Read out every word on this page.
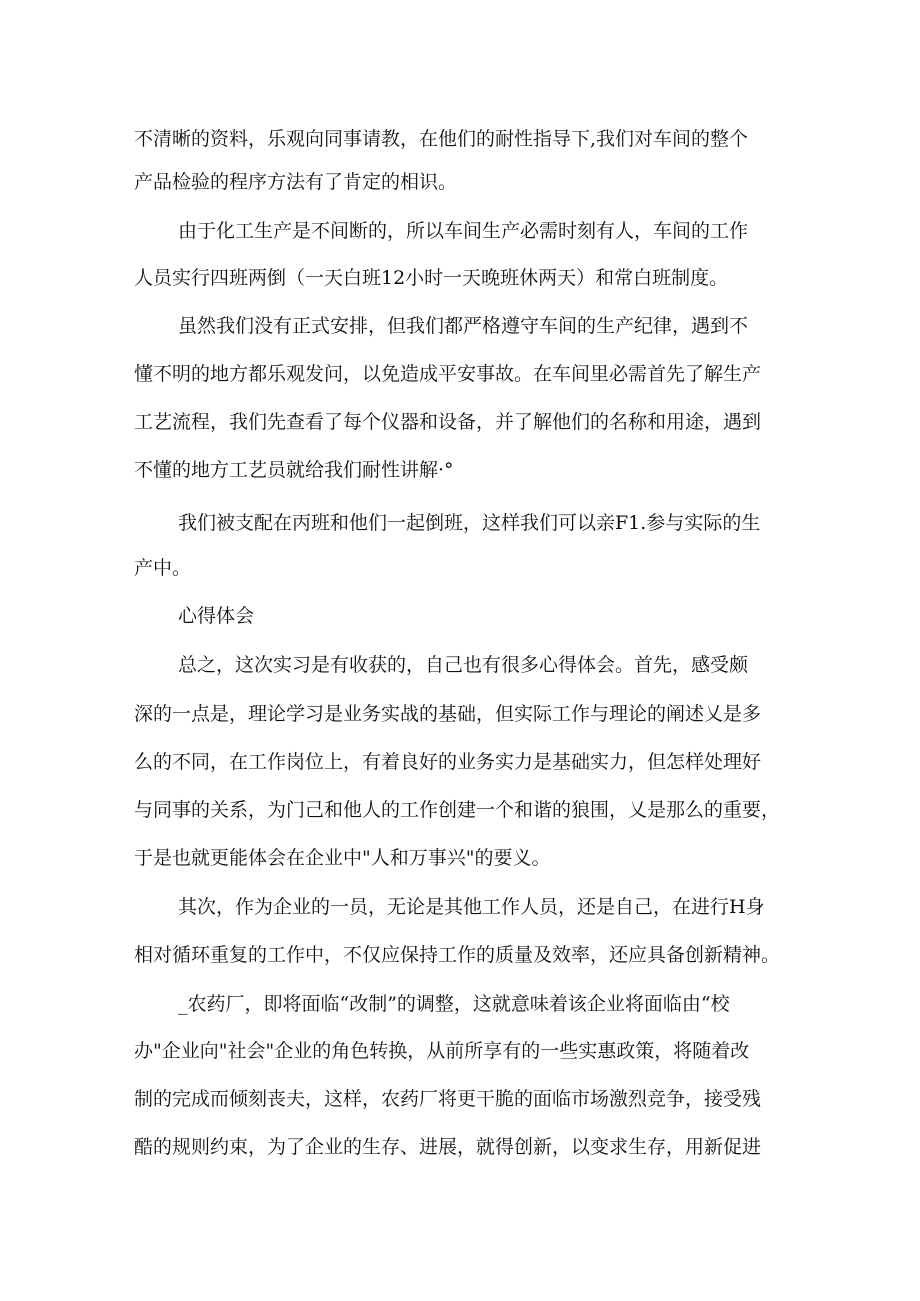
不清晰的资料，乐观向同事请教，在他们的耐性指导下,我们对车间的整个
产品检验的程序方法有了肯定的相识。
由于化工生产是不间断的，所以车间生产必需时刻有人，车间的工作
人员实行四班两倒（一天白班12小时一天晚班休两天）和常白班制度。
虽然我们没有正式安排，但我们都严格遵守车间的生产纪律，遇到不
懂不明的地方都乐观发问，以免造成平安事故。在车间里必需首先了解生产
工艺流程，我们先查看了每个仪器和设备，并了解他们的名称和用途，遇到
不懂的地方工艺员就给我们耐性讲解·°
我们被支配在丙班和他们一起倒班，这样我们可以亲F1.参与实际的生
产中。
心得体会
总之，这次实习是有收获的，自己也有很多心得体会。首先，感受颇
深的一点是，理论学习是业务实战的基础，但实际工作与理论的阐述乂是多
么的不同，在工作岗位上，有着良好的业务实力是基础实力，但怎样处理好
与同事的关系，为门己和他人的工作创建一个和谐的狼围，乂是那么的重要，
于是也就更能体会在企业中"人和万事兴"的要义。
其次，作为企业的一员，无论是其他工作人员，还是自己，在进行H身
相对循环重复的工作中，不仅应保持工作的质量及效率，还应具备创新精神。
_农药厂，即将面临“改制”的调整，这就意味着该企业将面临由“校
办"企业向"社会"企业的角色转换，从前所享有的一些实惠政策，将随着改
制的完成而倾刻丧夫，这样，农药厂将更干脆的面临市场激烈竞争，接受残
酷的规则约束，为了企业的生存、进展，就得创新，以变求生存，用新促进
